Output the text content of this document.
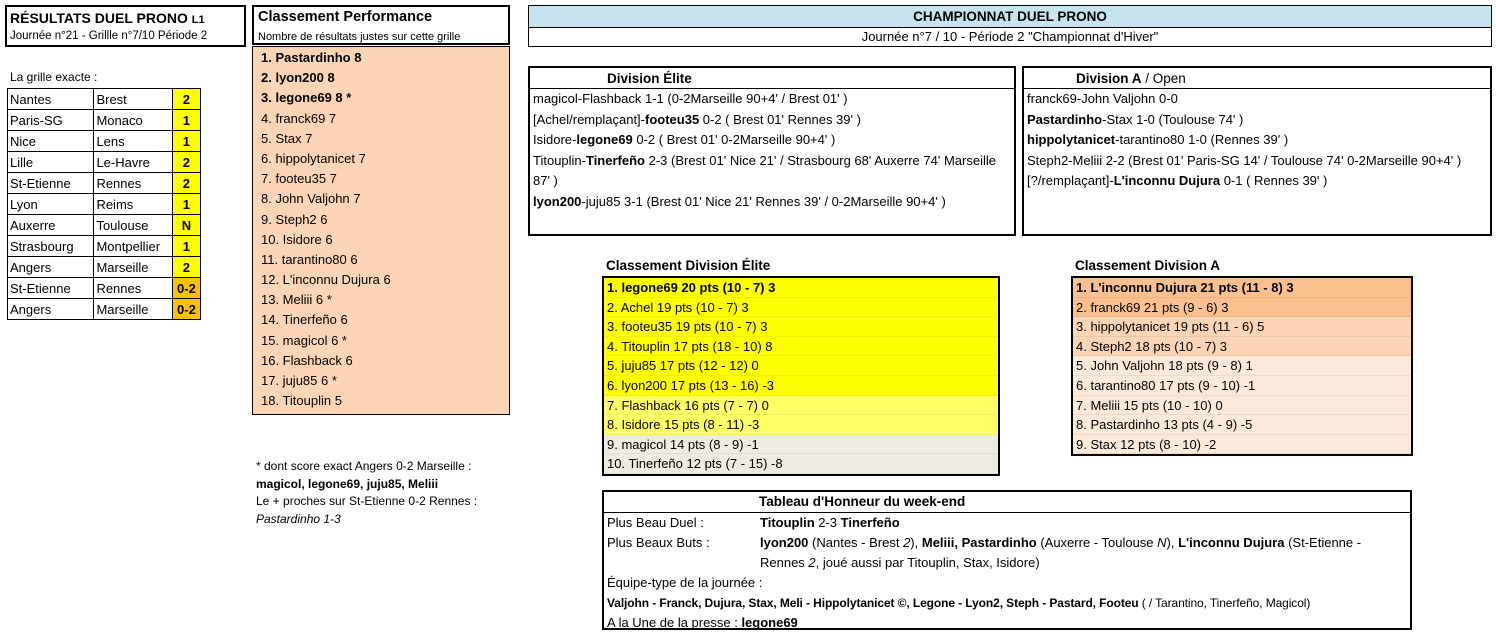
RÉSULTATS DUEL PRONO L1
Journée n°21 - Grillle n°7/10 Période 2
La grille exacte :
Nantes	Brest	2
Paris-SG	Monaco	1
Nice	Lens	1
Lille	Le-Havre	2
St-Etienne	Rennes	2
Lyon	Reims	1
Auxerre	Toulouse	N
Strasbourg	Montpellier	1
Angers	Marseille	2
St-Etienne	Rennes	0-2
Angers	Marseille	0-2
Classement Performance
Nombre de résultats justes sur cette grille
1. Pastardinho 8
2. lyon200 8
3. legone69 8 *
4. franck69 7
5. Stax 7
6. hippolytanicet 7
7. footeu35 7
8. John Valjohn 7
9. Steph2 6
10. Isidore 6
11. tarantino80 6
12. L'inconnu Dujura 6
13. Meliii 6 *
14. Tinerfeño 6
15. magicol 6 *
16. Flashback 6
17. juju85 6 *
18. Titouplin 5
* dont score exact Angers 0-2 Marseille :
magicol, legone69, juju85, Meliii
Le + proches sur St-Etienne 0-2 Rennes :
Pastardinho 1-3
CHAMPIONNAT DUEL PRONO
Journée n°7 / 10 - Période 2 "Championnat d'Hiver"
Division Élite
magicol-Flashback 1-1 (0-2Marseille 90+4' / Brest 01' )
[Achel/remplaçant]-footeu35 0-2 ( Brest 01' Rennes 39' )
Isidore-legone69 0-2 ( Brest 01' 0-2Marseille 90+4' )
Titouplin-Tinerfeño 2-3 (Brest 01' Nice 21' / Strasbourg 68' Auxerre 74' Marseille 87' )
lyon200-juju85 3-1 (Brest 01' Nice 21' Rennes 39' / 0-2Marseille 90+4' )
Division A / Open
franck69-John Valjohn 0-0
Pastardinho-Stax 1-0 (Toulouse 74' )
hippolytanicet-tarantino80 1-0 (Rennes 39' )
Steph2-Meliii 2-2 (Brest 01' Paris-SG 14' / Toulouse 74' 0-2Marseille 90+4' )
[?/remplaçant]-L'inconnu Dujura 0-1 ( Rennes 39' )
Classement Division Élite
1. legone69 20 pts (10 - 7) 3
2. Achel 19 pts (10 - 7) 3
3. footeu35 19 pts (10 - 7) 3
4. Titouplin 17 pts (18 - 10) 8
5. juju85 17 pts (12 - 12) 0
6. lyon200 17 pts (13 - 16) -3
7. Flashback 16 pts (7 - 7) 0
8. Isidore 15 pts (8 - 11) -3
9. magicol 14 pts (8 - 9) -1
10. Tinerfeño 12 pts (7 - 15) -8
Classement Division A
1. L'inconnu Dujura 21 pts (11 - 8) 3
2. franck69 21 pts (9 - 6) 3
3. hippolytanicet 19 pts (11 - 6) 5
4. Steph2 18 pts (10 - 7) 3
5. John Valjohn 18 pts (9 - 8) 1
6. tarantino80 17 pts (9 - 10) -1
7. Meliii 15 pts (10 - 10) 0
8. Pastardinho 13 pts (4 - 9) -5
9. Stax 12 pts (8 - 10) -2
Tableau d'Honneur du week-end
Plus Beau Duel :	Titouplin 2-3 Tinerfeño
Plus Beaux Buts :	lyon200 (Nantes - Brest 2), Meliii, Pastardinho (Auxerre - Toulouse N), L'inconnu Dujura (St-Etienne - Rennes 2, joué aussi par Titouplin, Stax, Isidore)
Équipe-type de la journée :
Valjohn - Franck, Dujura, Stax, Meli - Hippolytanicet ©, Legone - Lyon2, Steph - Pastard, Footeu ( / Tarantino, Tinerfeño, Magicol)
A la Une de la presse : legone69
